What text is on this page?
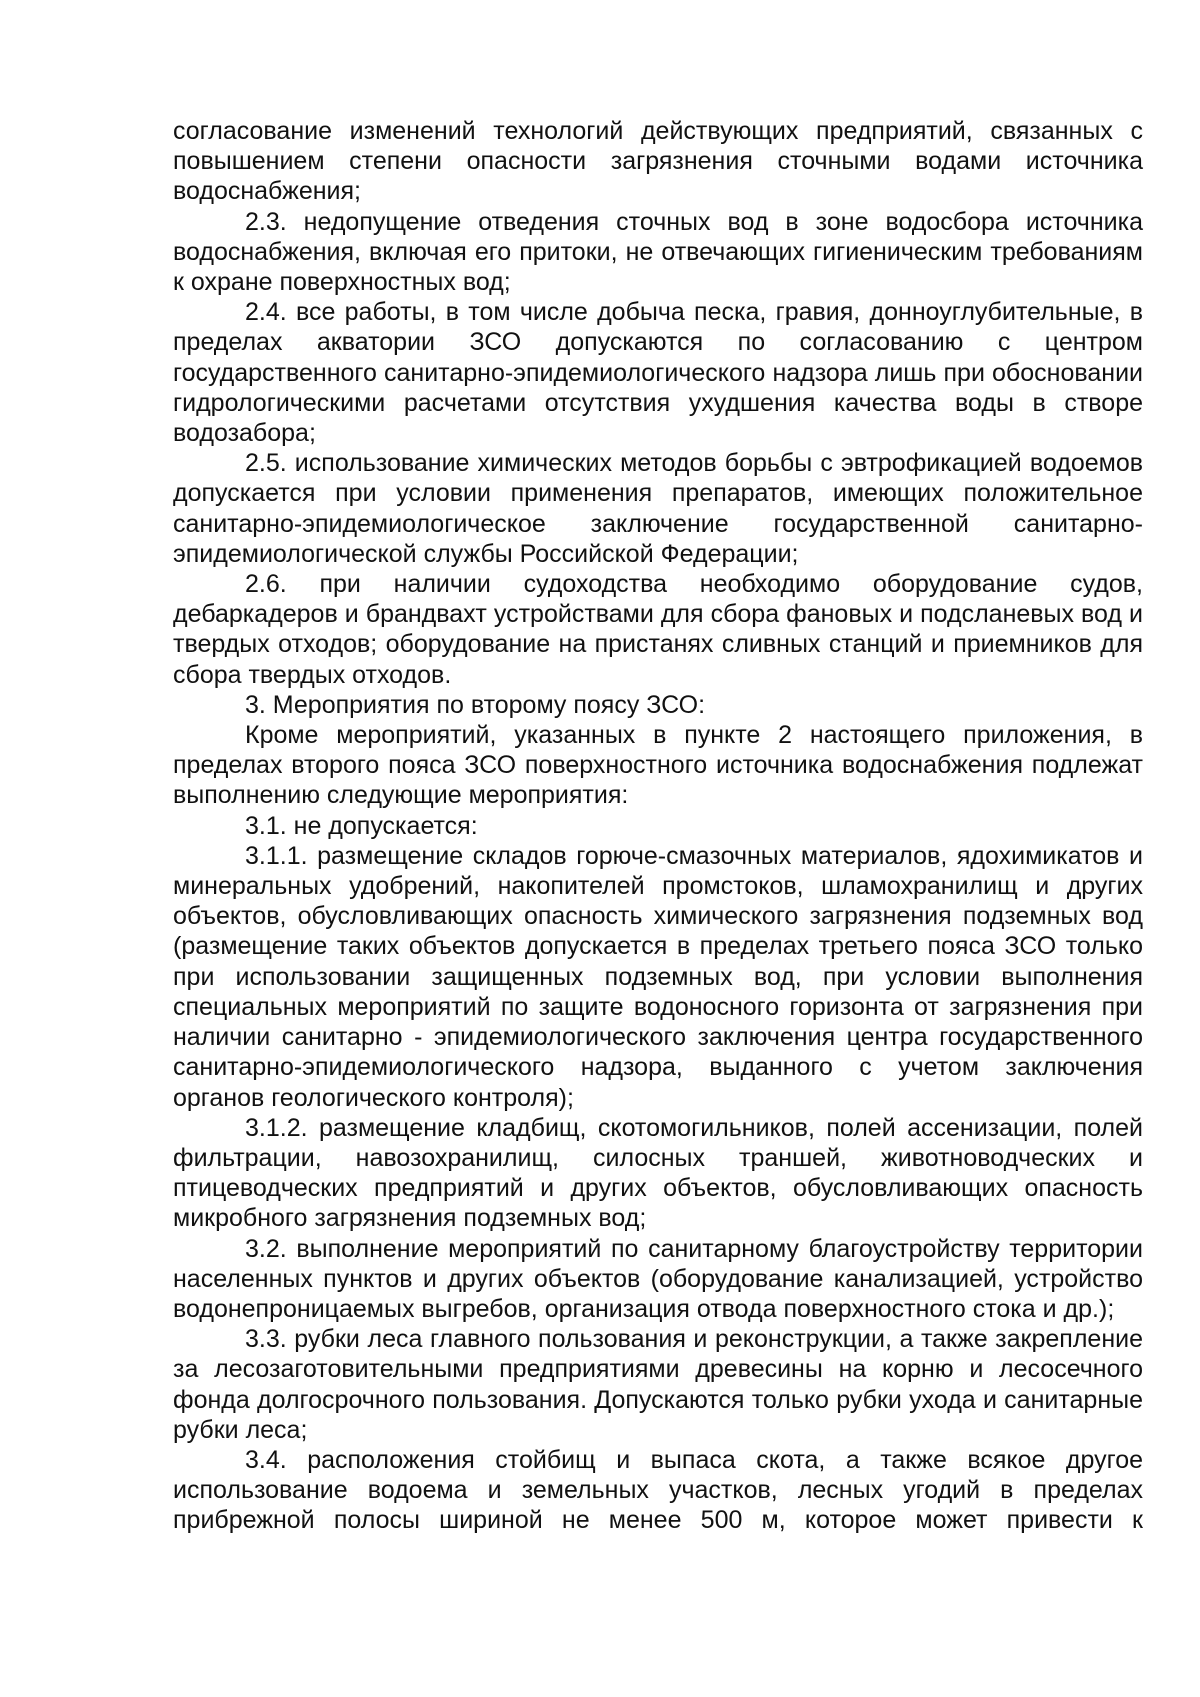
согласование изменений технологий действующих предприятий, связанных с повышением степени опасности загрязнения сточными водами источника водоснабжения;

2.3. недопущение отведения сточных вод в зоне водосбора источника водоснабжения, включая его притоки, не отвечающих гигиеническим требованиям к охране поверхностных вод;

2.4. все работы, в том числе добыча песка, гравия, донноуглубительные, в пределах акватории ЗСО допускаются по согласованию с центром государственного санитарно-эпидемиологического надзора лишь при обосновании гидрологическими расчетами отсутствия ухудшения качества воды в створе водозабора;

2.5. использование химических методов борьбы с эвтрофикацией водоемов допускается при условии применения препаратов, имеющих положительное санитарно-эпидемиологическое заключение государственной санитарно-эпидемиологической службы Российской Федерации;

2.6. при наличии судоходства необходимо оборудование судов, дебаркадеров и брандвахт устройствами для сбора фановых и подсланевых вод и твердых отходов; оборудование на пристанях сливных станций и приемников для сбора твердых отходов.

3. Мероприятия по второму поясу ЗСО:

Кроме мероприятий, указанных в пункте 2 настоящего приложения, в пределах второго пояса ЗСО поверхностного источника водоснабжения подлежат выполнению следующие мероприятия:

3.1. не допускается:

3.1.1. размещение складов горюче-смазочных материалов, ядохимикатов и минеральных удобрений, накопителей промстоков, шламохранилищ и других объектов, обусловливающих опасность химического загрязнения подземных вод (размещение таких объектов допускается в пределах третьего пояса ЗСО только при использовании защищенных подземных вод, при условии выполнения специальных мероприятий по защите водоносного горизонта от загрязнения при наличии санитарно - эпидемиологического заключения центра государственного санитарно-эпидемиологического надзора, выданного с учетом заключения органов геологического контроля);

3.1.2. размещение кладбищ, скотомогильников, полей ассенизации, полей фильтрации, навозохранилищ, силосных траншей, животноводческих и птицеводческих предприятий и других объектов, обусловливающих опасность микробного загрязнения подземных вод;

3.2. выполнение мероприятий по санитарному благоустройству территории населенных пунктов и других объектов (оборудование канализацией, устройство водонепроницаемых выгребов, организация отвода поверхностного стока и др.);

3.3. рубки леса главного пользования и реконструкции, а также закрепление за лесозаготовительными предприятиями древесины на корню и лесосечного фонда долгосрочного пользования. Допускаются только рубки ухода и санитарные рубки леса;

3.4. расположения стойбищ и выпаса скота, а также всякое другое использование водоема и земельных участков, лесных угодий в пределах прибрежной полосы шириной не менее 500 м, которое может привести к
